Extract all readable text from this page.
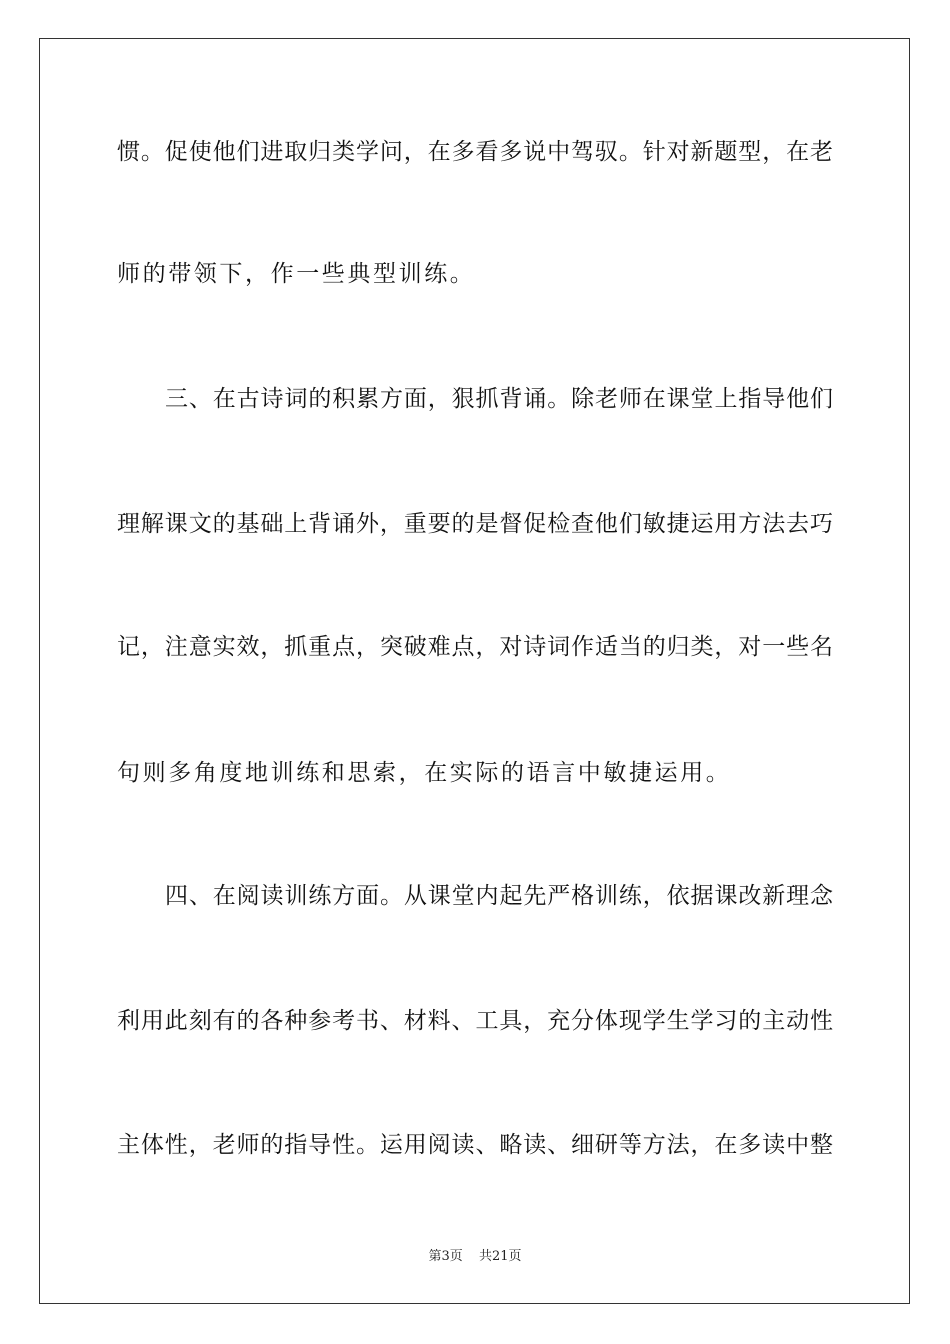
惯。促使他们进取归类学问，在多看多说中驾驭。针对新题型，在老
师的带领下，作一些典型训练。
三、在古诗词的积累方面，狠抓背诵。除老师在课堂上指导他们
理解课文的基础上背诵外，重要的是督促检查他们敏捷运用方法去巧
记，注意实效，抓重点，突破难点，对诗词作适当的归类，对一些名
句则多角度地训练和思索，在实际的语言中敏捷运用。
四、在阅读训练方面。从课堂内起先严格训练，依据课改新理念
利用此刻有的各种参考书、材料、工具，充分体现学生学习的主动性
主体性，老师的指导性。运用阅读、略读、细研等方法，在多读中整
第3页 共21页
